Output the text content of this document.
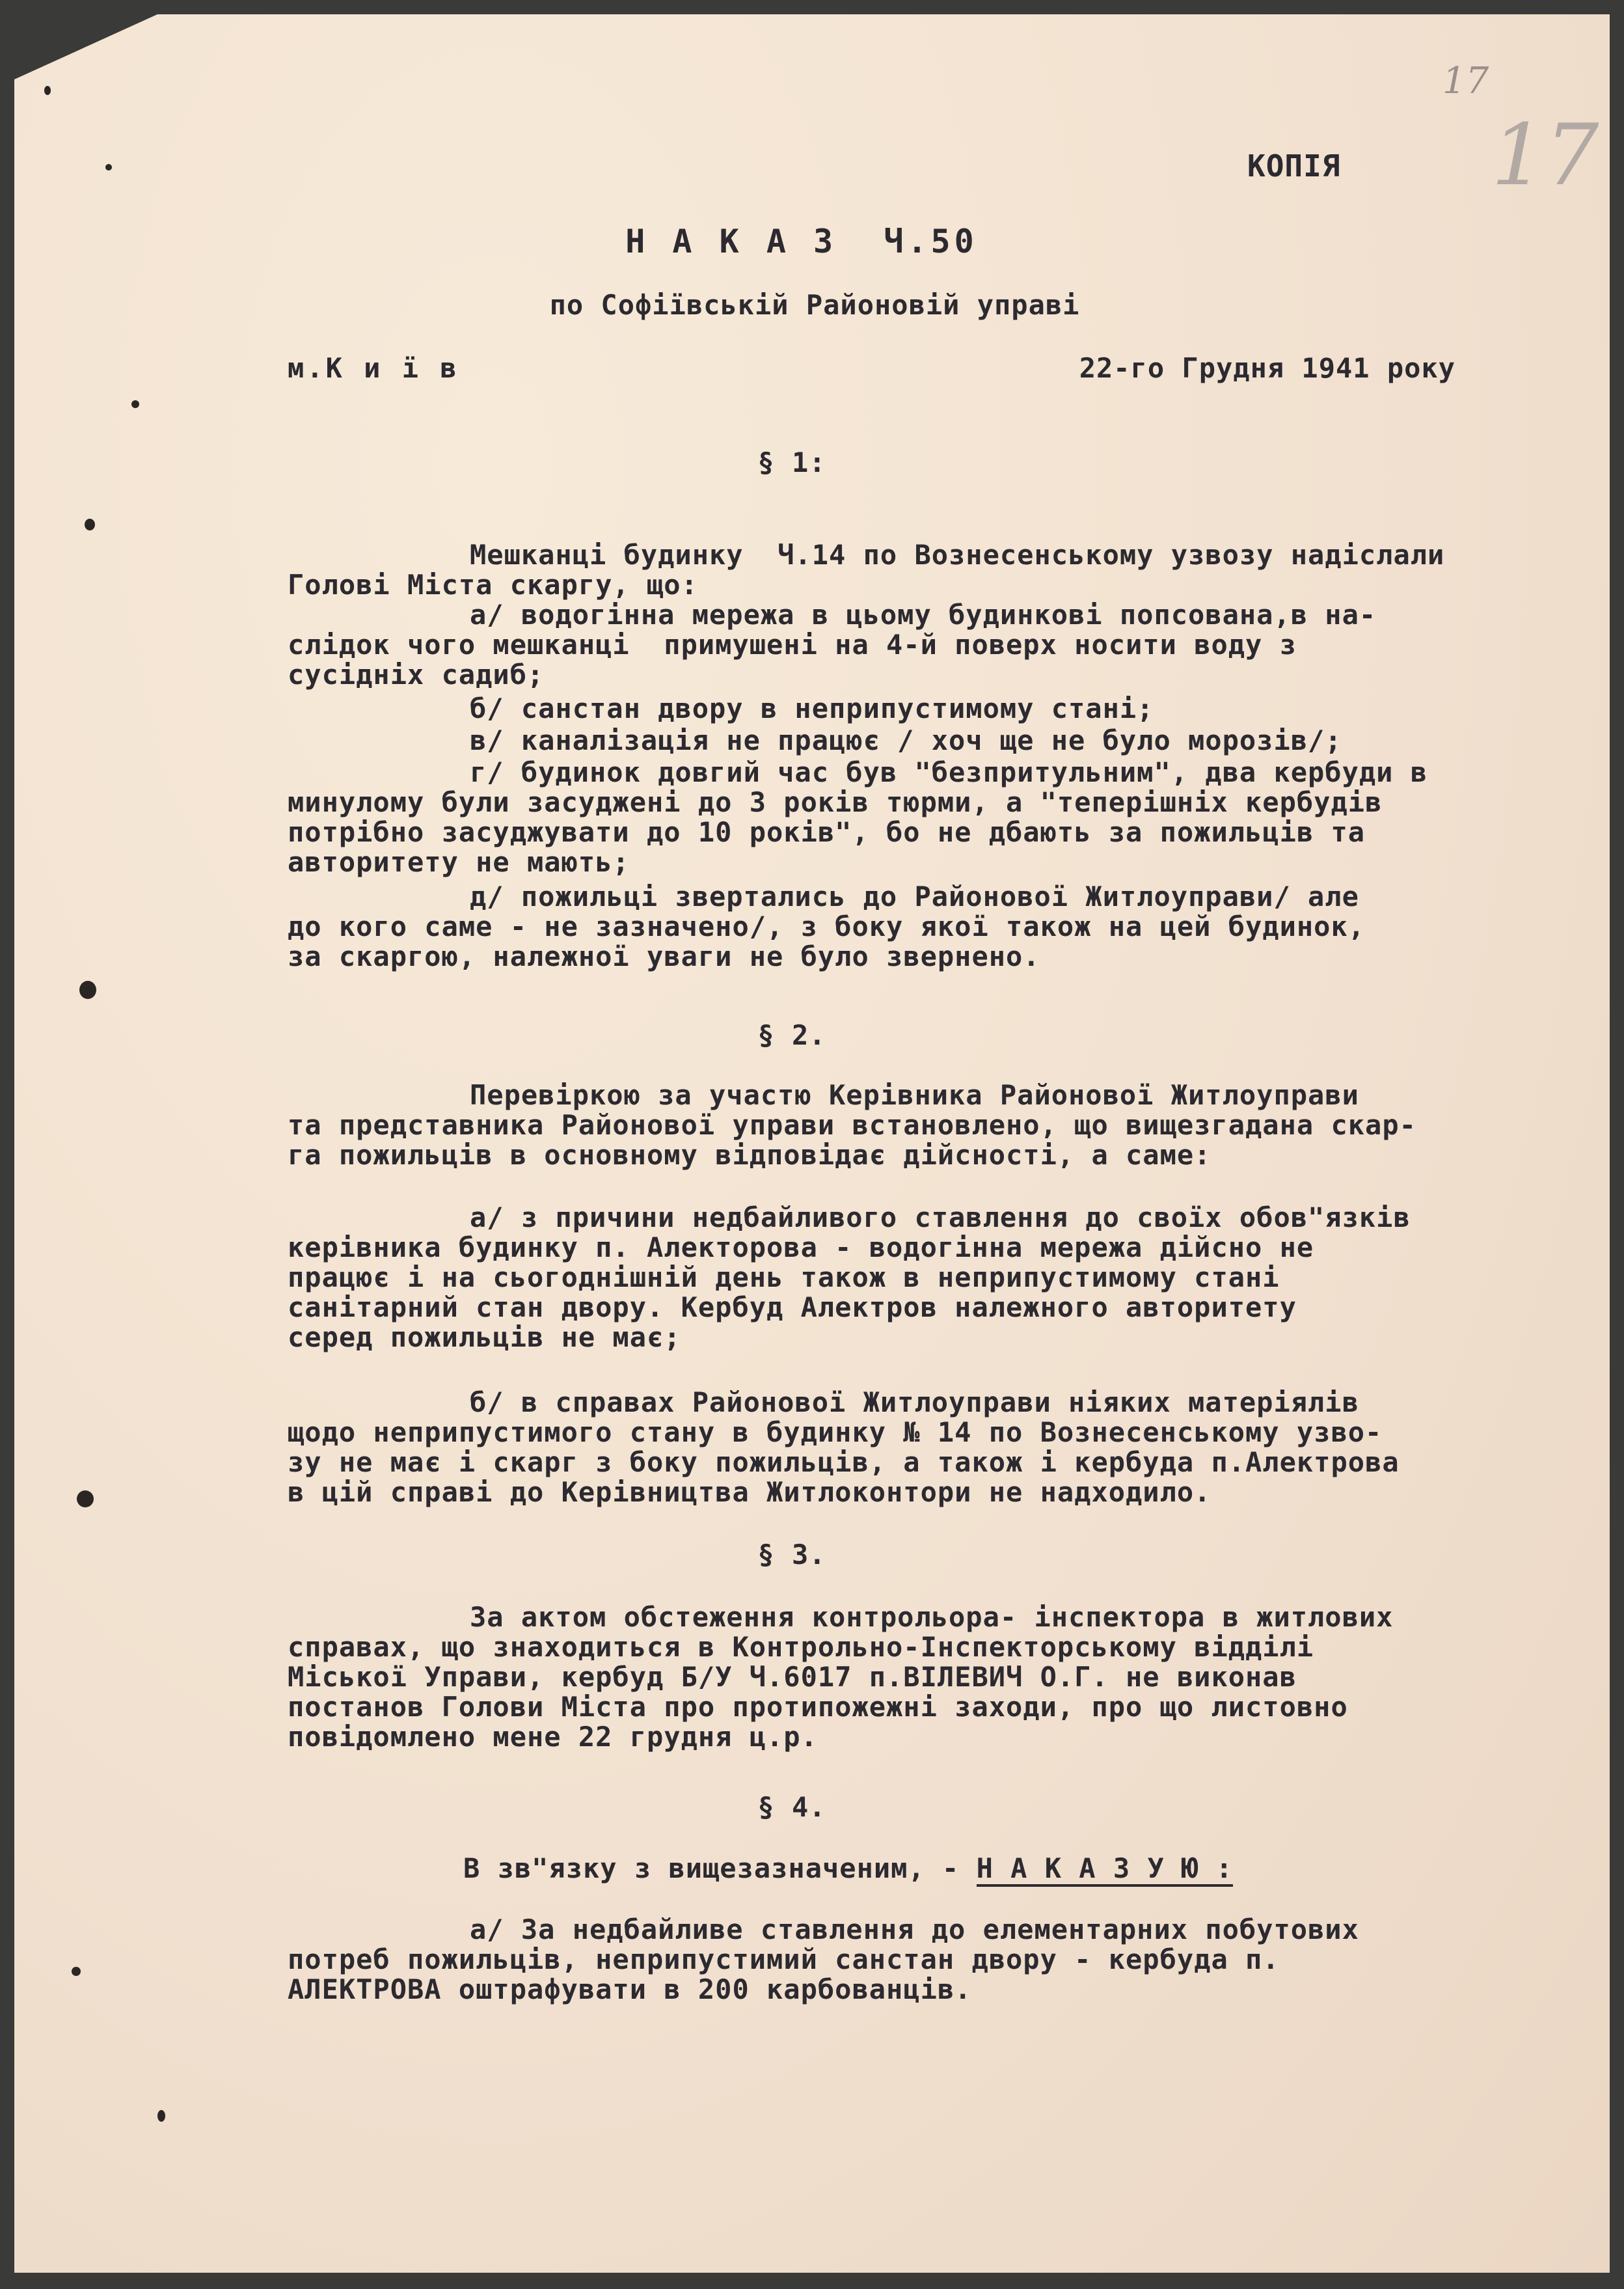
17
17
КОПІЯ
Н А К А З  Ч.50
по Софіївській Районовій управі
м.К и ї в	22-го Грудня 1941 року
§ 1:
Мешканці будинку  Ч.14 по Вознесенському узвозу надіслали
Голові Міста скаргу, що:
а/ водогінна мережа в цьому будинкові попсована,в на-
слідок чого мешканці  примушені на 4-й поверх носити воду з
сусідніх садиб;
б/ санстан двору в неприпустимому стані;
в/ каналізація не працює / хоч ще не було морозів/;
г/ будинок довгий час був "безпритульним", два кербуди в
минулому були засуджені до 3 років тюрми, а "теперішніх кербудів
потрібно засуджувати до 10 років", бо не дбають за пожильців та
авторитету не мають;
д/ пожильці звертались до Районової Житлоуправи/ але
до кого саме - не зазначено/, з боку якої також на цей будинок,
за скаргою, належної уваги не було звернено.
§ 2.
Перевіркою за участю Керівника Районової Житлоуправи
та представника Районової управи встановлено, що вищезгадана скар-
га пожильців в основному відповідає дійсності, а саме:
а/ з причини недбайливого ставлення до своїх обов"язків
керівника будинку п. Алекторова - водогінна мережа дійсно не
працює і на сьогоднішній день також в неприпустимому стані
санітарний стан двору. Кербуд Алектров належного авторитету
серед пожильців не має;
б/ в справах Районової Житлоуправи ніяких матеріялів
щодо неприпустимого стану в будинку № 14 по Вознесенському узво-
зу не має і скарг з боку пожильців, а також і кербуда п.Алектрова
в цій справі до Керівництва Житлоконтори не надходило.
§ 3.
За актом обстеження контрольора- інспектора в житлових
справах, що знаходиться в Контрольно-Інспекторському відділі
Міської Управи, кербуд Б/У Ч.6017 п.ВІЛЕВИЧ О.Г. не виконав
постанов Голови Міста про протипожежні заходи, про що листовно
повідомлено мене 22 грудня ц.р.
§ 4.
В зв"язку з вищезазначеним, - Н А К А З У Ю :
а/ За недбайливе ставлення до елементарних побутових
потреб пожильців, неприпустимий санстан двору - кербуда п.
АЛЕКТРОВА оштрафувати в 200 карбованців.
